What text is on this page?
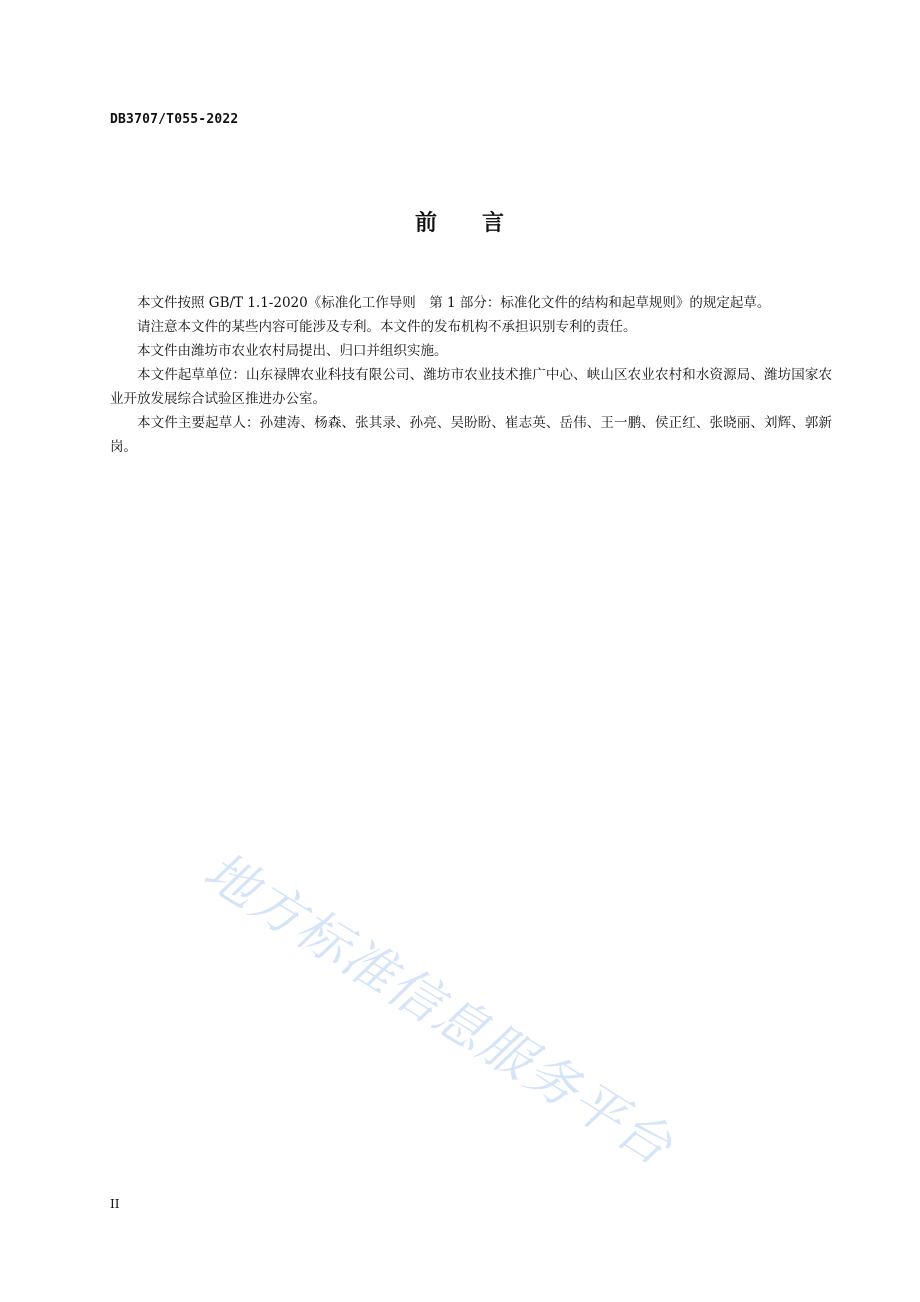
DB3707/T055-2022
前 言

本文件按照 GB/T 1.1-2020《标准化工作导则　第 1 部分：标准化文件的结构和起草规则》的规定起草。

请注意本文件的某些内容可能涉及专利。本文件的发布机构不承担识别专利的责任。

本文件由潍坊市农业农村局提出、归口并组织实施。

本文件起草单位：山东禄牌农业科技有限公司、潍坊市农业技术推广中心、峡山区农业农村和水资源局、潍坊国家农业开放发展综合试验区推进办公室。

本文件主要起草人：孙建涛、杨森、张其录、孙亮、吴盼盼、崔志英、岳伟、王一鹏、侯正红、张晓丽、刘辉、郭新岗。

地方标准信息服务平台
II
